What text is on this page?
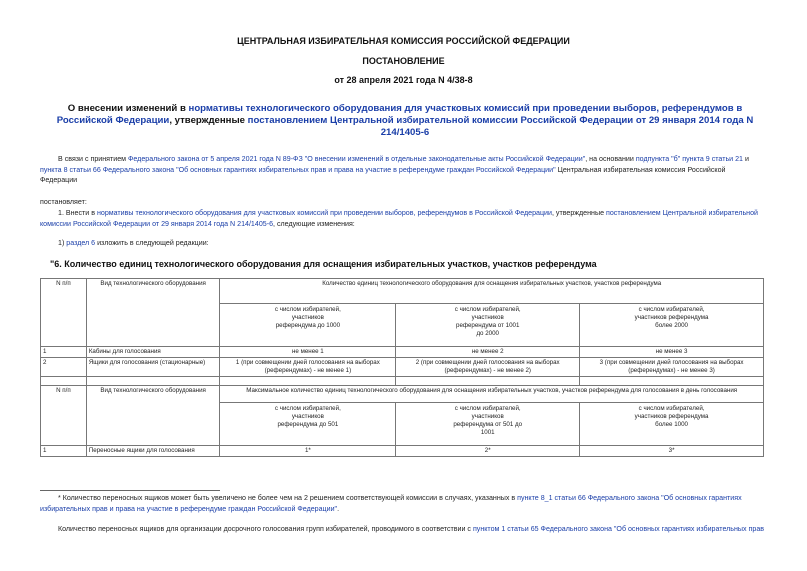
ЦЕНТРАЛЬНАЯ ИЗБИРАТЕЛЬНАЯ КОМИССИЯ РОССИЙСКОЙ ФЕДЕРАЦИИ
ПОСТАНОВЛЕНИЕ
от 28 апреля 2021 года N 4/38-8
О внесении изменений в нормативы технологического оборудования для участковых комиссий при проведении выборов, референдумов в Российской Федерации, утвержденные постановлением Центральной избирательной комиссии Российской Федерации от 29 января 2014 года N 214/1405-6
В связи с принятием Федерального закона от 5 апреля 2021 года N 89-ФЗ "О внесении изменений в отдельные законодательные акты Российской Федерации", на основании подпункта "б" пункта 9 статьи 21 и пункта 8 статьи 66 Федерального закона "Об основных гарантиях избирательных прав и права на участие в референдуме граждан Российской Федерации" Центральная избирательная комиссия Российской Федерации
постановляет:
1. Внести в нормативы технологического оборудования для участковых комиссий при проведении выборов, референдумов в Российской Федерации, утвержденные постановлением Центральной избирательной комиссии Российской Федерации от 29 января 2014 года N 214/1405-6, следующие изменения:
1) раздел 6 изложить в следующей редакции:
"6. Количество единиц технологического оборудования для оснащения избирательных участков, участков референдума
N п/п	Вид технологического оборудования	Количество единиц технологического оборудования для оснащения избирательных участков, участков референдума		
		с числом избирателей, участников референдума до 1000	с числом избирателей, участников референдума от 1001 до 2000	с числом избирателей, участников референдума более 2000
1	Кабины для голосования	не менее 1	не менее 2	не менее 3
2	Ящики для голосования (стационарные)	1 (при совмещении дней голосования на выборах (референдумах) - не менее 1)	2 (при совмещении дней голосования на выборах (референдумах) - не менее 2)	3 (при совмещении дней голосования на выборах (референдумах) - не менее 3)

N п/п	Вид технологического оборудования	Максимальное количество единиц технологического оборудования для оснащения избирательных участков, участков референдума для голосования в день голосования		
		с числом избирателей, участников референдума до 501	с числом избирателей, участников референдума от 501 до 1001	с числом избирателей, участников референдума более 1000
1	Переносные ящики для голосования	1*	2*	3*
* Количество переносных ящиков может быть увеличено не более чем на 2 решением соответствующей комиссии в случаях, указанных в пункте 8_1 статьи 66 Федерального закона "Об основных гарантиях избирательных прав и права на участие в референдуме граждан Российской Федерации".
Количество переносных ящиков для организации досрочного голосования групп избирателей, проводимого в соответствии с пунктом 1 статьи 65 Федерального закона "Об основных гарантиях избирательных прав
